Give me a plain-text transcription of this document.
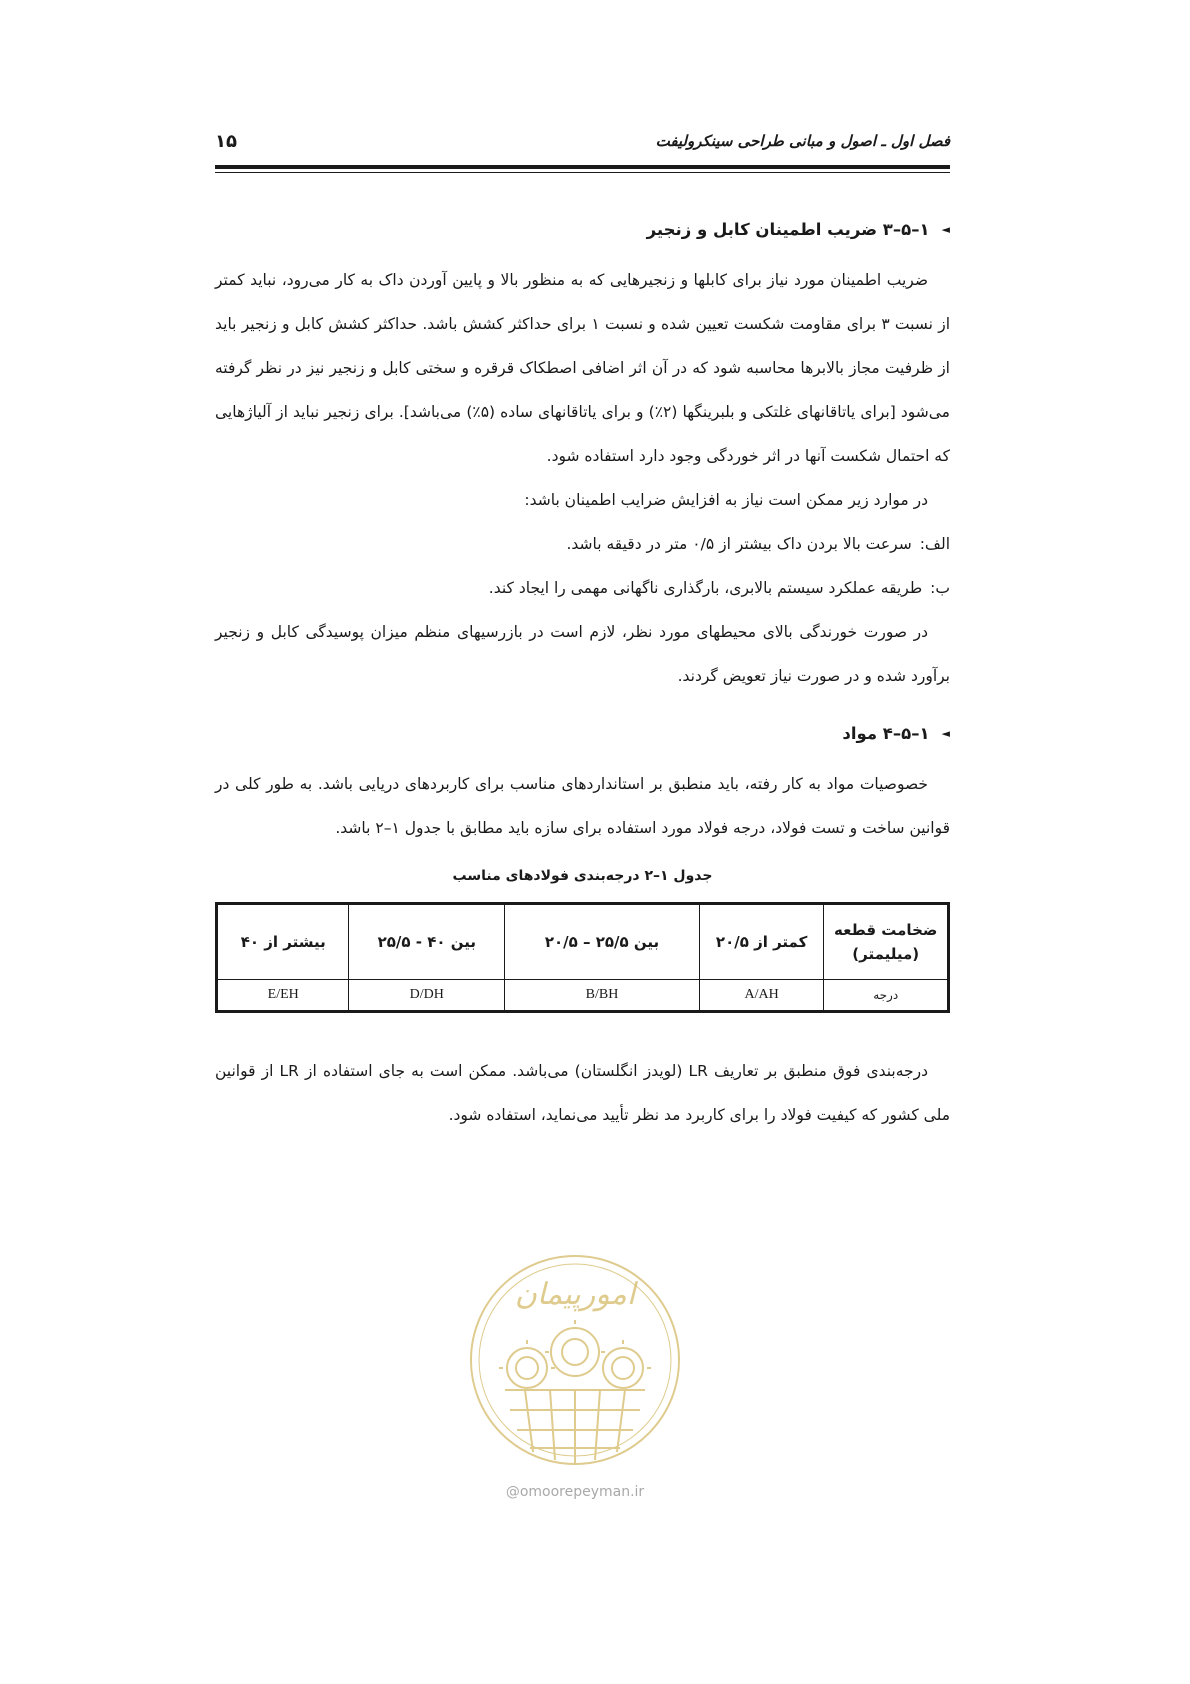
فصل اول ـ اصول و مبانی طراحی سینکرولیفت
۱۵
◄
۱–۵–۳ ضریب اطمینان کابل و زنجیر

ضریب اطمینان مورد نیاز برای کابلها و زنجیرهایی که به منظور بالا و پایین آوردن داک به کار می‌رود، نباید کمتر از نسبت ۳ برای مقاومت شکست تعیین شده و نسبت ۱ برای حداکثر کشش باشد. حداکثر کشش کابل و زنجیر باید از ظرفیت مجاز بالابرها محاسبه شود که در آن اثر اضافی اصطکاک قرقره و سختی کابل و زنجیر نیز در نظر گرفته می‌شود [برای یاتاقانهای غلتکی و بلبرینگها (۲٪) و برای یاتاقانهای ساده (۵٪) می‌باشد]. برای زنجیر نباید از آلیاژهایی که احتمال شکست آنها در اثر خوردگی وجود دارد استفاده شود.

در موارد زیر ممکن است نیاز به افزایش ضرایب اطمینان باشد:

الف:
سرعت بالا بردن داک بیشتر از ۰/۵ متر در دقیقه باشد.
ب:
طریقه عملکرد سیستم بالابری، بارگذاری ناگهانی مهمی را ایجاد کند.

در صورت خورندگی بالای محیطهای مورد نظر، لازم است در بازرسیهای منظم میزان پوسیدگی کابل و زنجیر برآورد شده و در صورت نیاز تعویض گردند.

◄
۱–۵–۴ مواد

خصوصیات مواد به کار رفته، باید منطبق بر استانداردهای مناسب برای کاربردهای دریایی باشد. به طور کلی در قوانین ساخت و تست فولاد، درجه فولاد مورد استفاده برای سازه باید مطابق با جدول ۱–۲ باشد.

جدول ۱–۲ درجه‌بندی فولادهای مناسب
ضخامت قطعه (میلیمتر)	کمتر از ۲۰/۵	بین ۲۵/۵ – ۲۰/۵	بین ۴۰ - ۲۵/۵	بیشتر از ۴۰
درجه	A/AH	B/BH	D/DH	E/EH

درجه‌بندی فوق منطبق بر تعاریف LR (لویدز انگلستان) می‌باشد. ممکن است به جای استفاده از LR از قوانین ملی کشور که کیفیت فولاد را برای کاربرد مد نظر تأیید می‌نماید، استفاده شود.

امورپیمان
@omoorepeyman.ir
